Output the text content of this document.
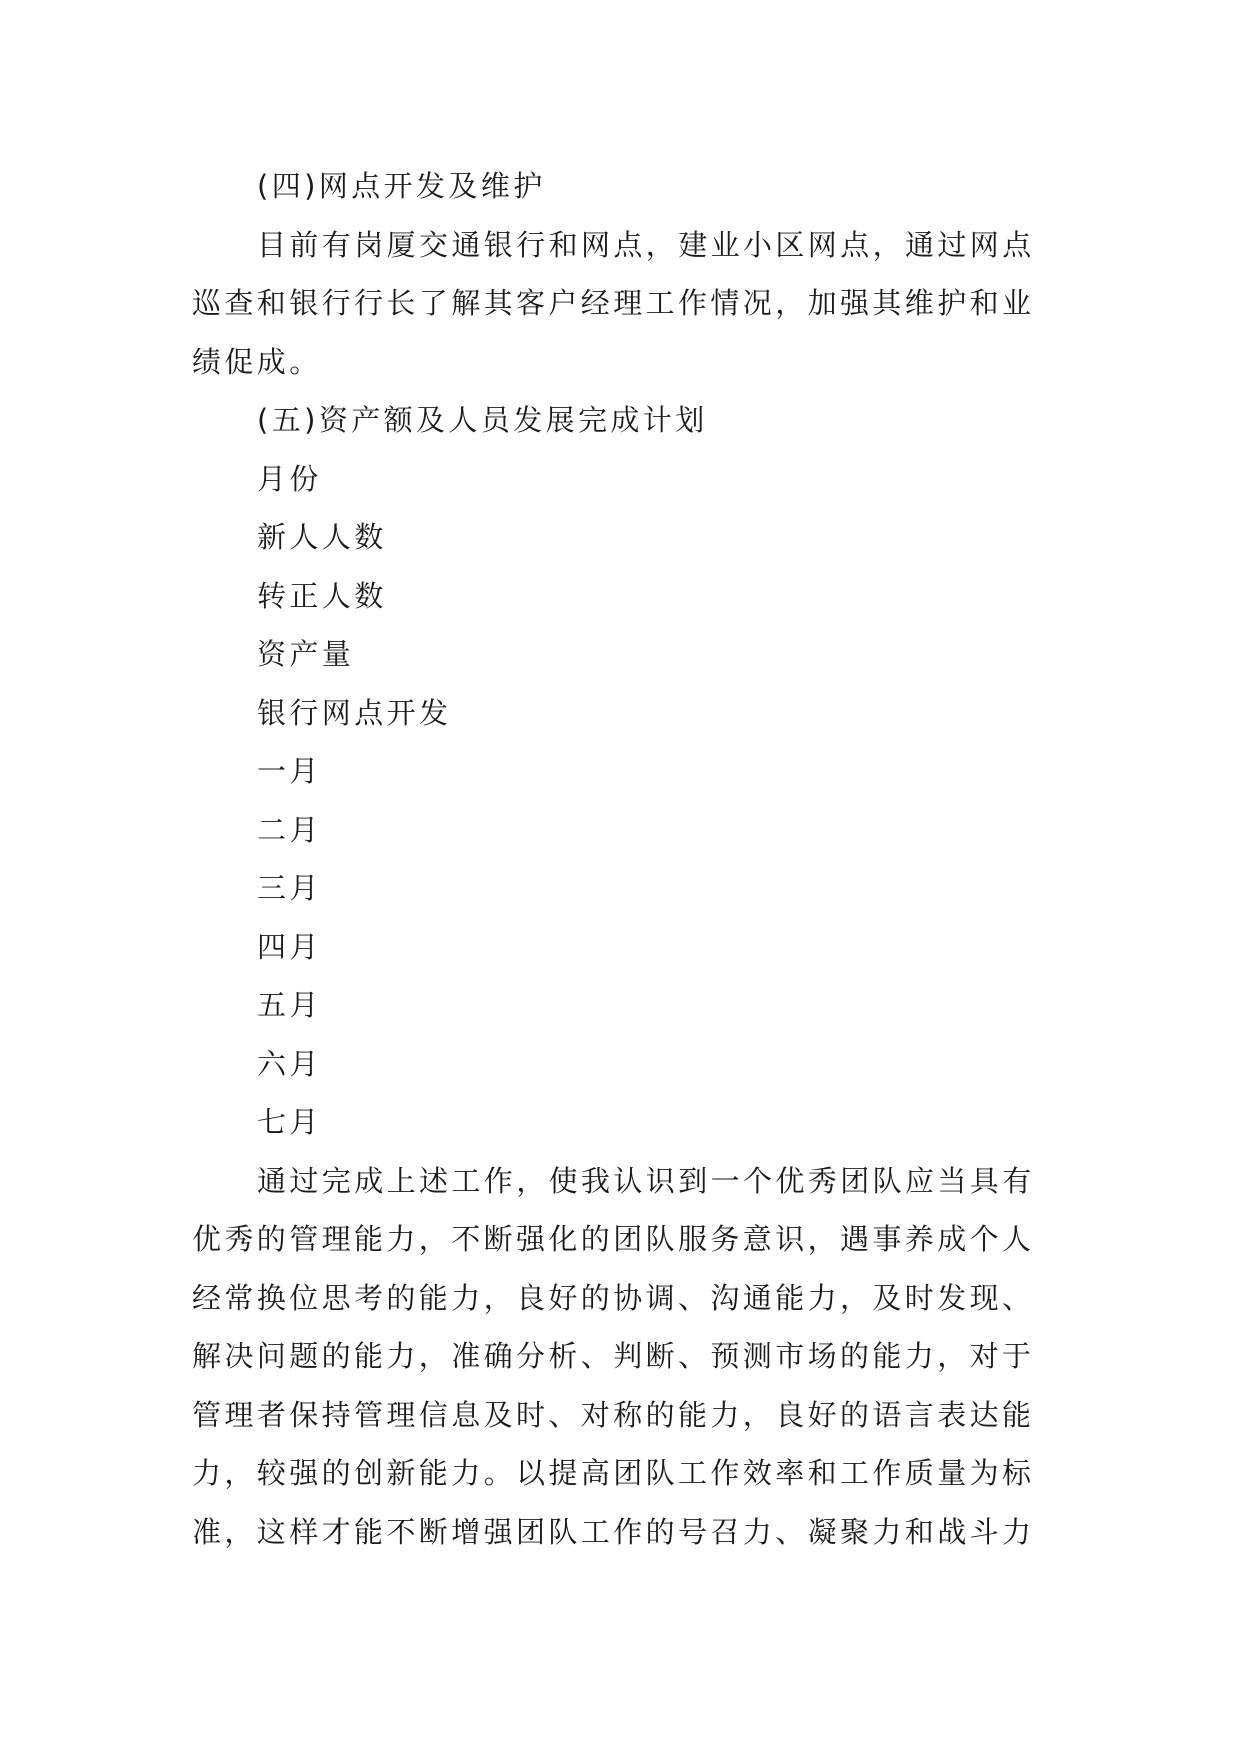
(四)网点开发及维护

目前有岗厦交通银行和网点，建业小区网点，通过网点
巡查和银行行长了解其客户经理工作情况，加强其维护和业
绩促成。

(五)资产额及人员发展完成计划

月份

新人人数

转正人数

资产量

银行网点开发

一月

二月

三月

四月

五月

六月

七月

通过完成上述工作，使我认识到一个优秀团队应当具有
优秀的管理能力，不断强化的团队服务意识，遇事养成个人
经常换位思考的能力，良好的协调、沟通能力，及时发现、
解决问题的能力，准确分析、判断、预测市场的能力，对于
管理者保持管理信息及时、对称的能力，良好的语言表达能
力，较强的创新能力。以提高团队工作效率和工作质量为标
准，这样才能不断增强团队工作的号召力、凝聚力和战斗力
